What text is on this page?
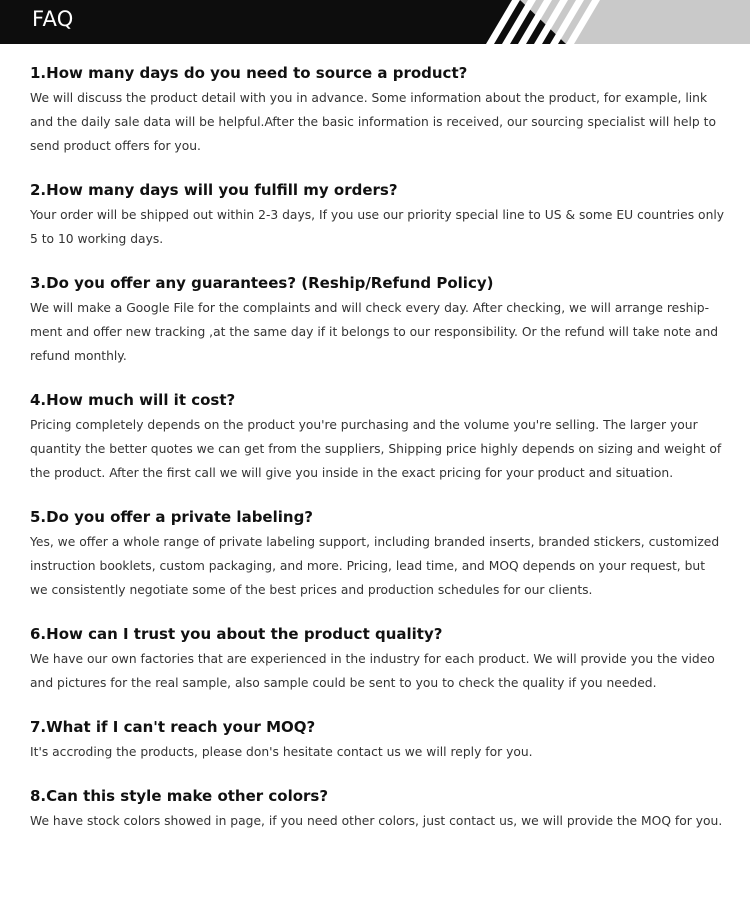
FAQ
1.How many days do you need to source a product?
We will discuss the product detail with you in advance. Some information about the product, for example, link and the daily sale data will be helpful.After the basic information is received, our sourcing specialist will help to send product offers for you.
2.How many days will you fulfill my orders?
Your order will be shipped out within 2-3 days, If you use our priority special line to US & some EU countries only 5 to 10 working days.
3.Do you offer any guarantees? (Reship/Refund Policy)
We will make a Google File for the complaints and will check every day. After checking, we will arrange reship-ment and offer new tracking ,at the same day if it belongs to our responsibility. Or the refund will take note and refund monthly.
4.How much will it cost?
Pricing completely depends on the product you're purchasing and the volume you're selling. The larger your quantity the better quotes we can get from the suppliers, Shipping price highly depends on sizing and weight of the product. After the first call we will give you inside in the exact pricing for your product and situation.
5.Do you offer a private labeling?
Yes, we offer a whole range of private labeling support, including branded inserts, branded stickers, customized instruction booklets, custom packaging, and more. Pricing, lead time, and MOQ depends on your request, but we consistently negotiate some of the best prices and production schedules for our clients.
6.How can I trust you about the product quality?
We have our own factories that are experienced in the industry for each product. We will provide you the video and pictures for the real sample, also sample could be sent to you to check the quality if you needed.
7.What if I can't reach your MOQ?
It's accroding the products, please don's hesitate contact us we will reply for you.
8.Can this style make other colors?
We have stock colors showed in page, if you need other colors, just contact us, we will provide the MOQ for you.
